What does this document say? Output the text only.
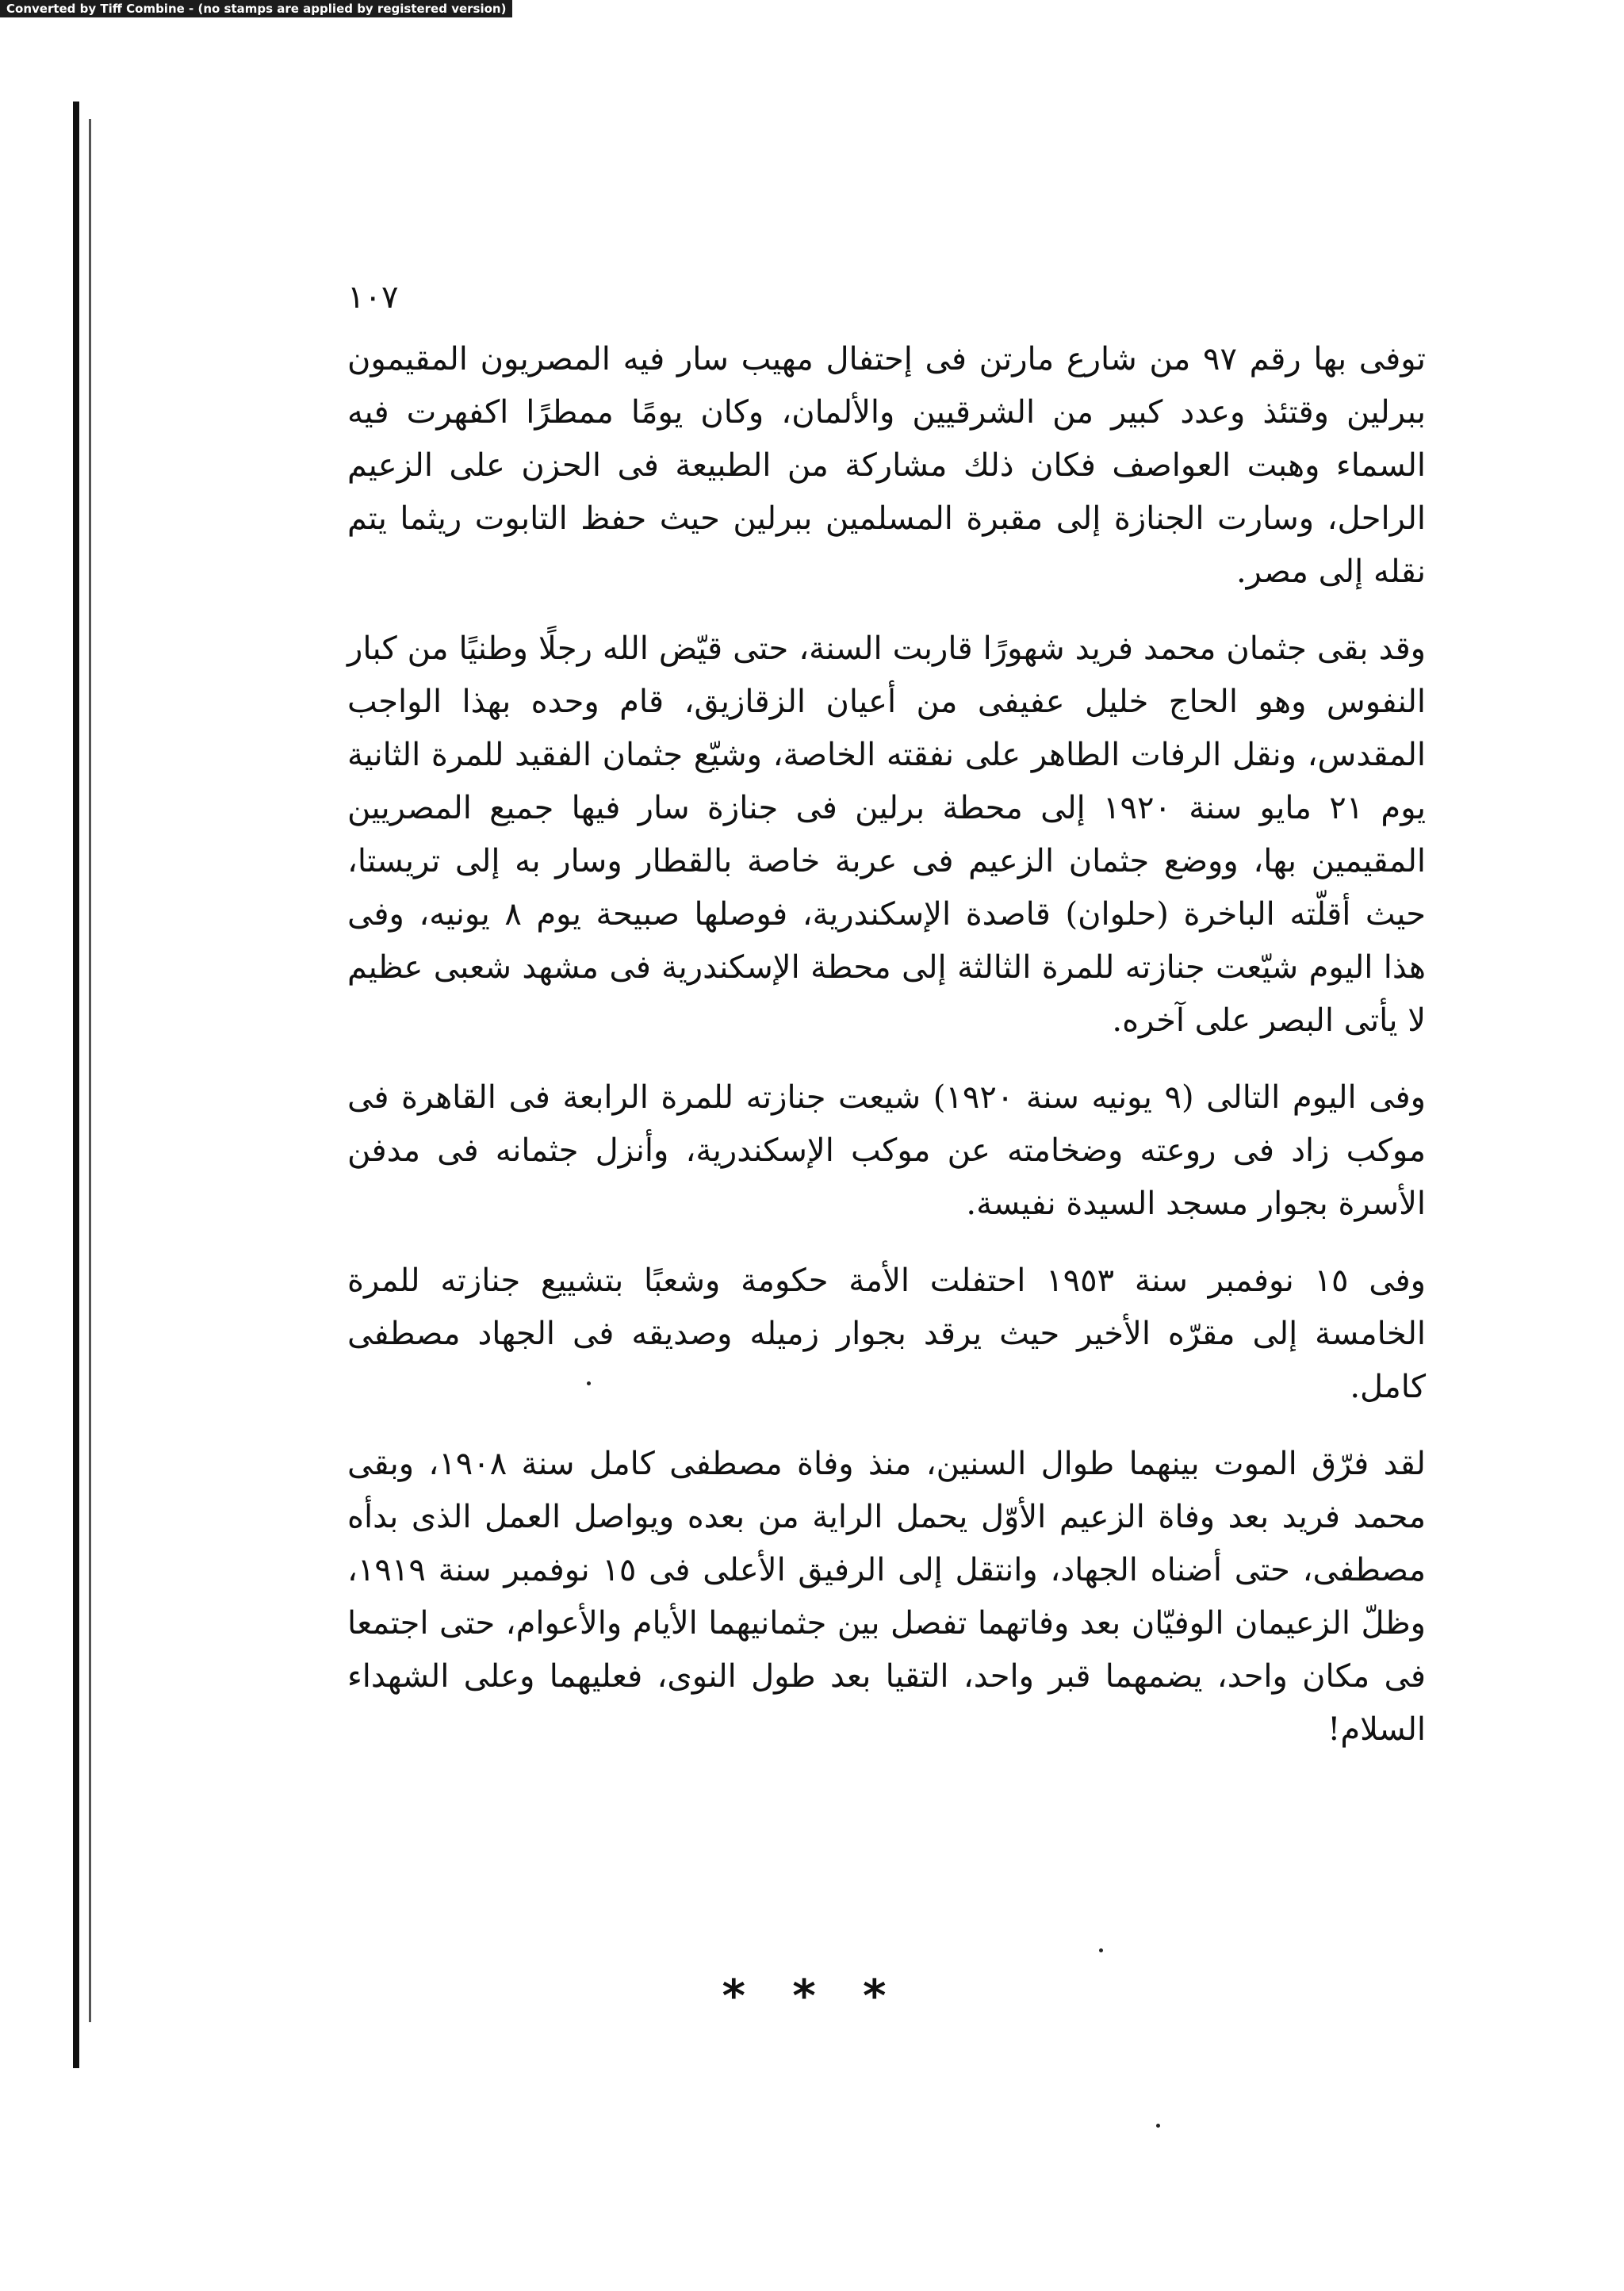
Converted by Tiff Combine - (no stamps are applied by registered version)
١٠٧

توفى بها رقم ٩٧ من شارع مارتن فى إحتفال مهيب سار فيه المصريون المقيمون ببرلين وقتئذ وعدد كبير من الشرقيين والألمان، وكان يومًا ممطرًا اكفهرت فيه السماء وهبت العواصف فكان ذلك مشاركة من الطبيعة فى الحزن على الزعيم الراحل، وسارت الجنازة إلى مقبرة المسلمين ببرلين حيث حفظ التابوت ريثما يتم نقله إلى مصر.

وقد بقى جثمان محمد فريد شهورًا قاربت السنة، حتى قيّض الله رجلًا وطنيًا من كبار النفوس وهو الحاج خليل عفيفى من أعيان الزقازيق، قام وحده بهذا الواجب المقدس، ونقل الرفات الطاهر على نفقته الخاصة، وشيّع جثمان الفقيد للمرة الثانية يوم ٢١ مايو سنة ١٩٢٠ إلى محطة برلين فى جنازة سار فيها جميع المصريين المقيمين بها، ووضع جثمان الزعيم فى عربة خاصة بالقطار وسار به إلى تريستا، حيث أقلّته الباخرة (حلوان) قاصدة الإسكندرية، فوصلها صبيحة يوم ٨ يونيه، وفى هذا اليوم شيّعت جنازته للمرة الثالثة إلى محطة الإسكندرية فى مشهد شعبى عظيم لا يأتى البصر على آخره.

وفى اليوم التالى (٩ يونيه سنة ١٩٢٠) شيعت جنازته للمرة الرابعة فى القاهرة فى موكب زاد فى روعته وضخامته عن موكب الإسكندرية، وأنزل جثمانه فى مدفن الأسرة بجوار مسجد السيدة نفيسة.

وفى ١٥ نوفمبر سنة ١٩٥٣ احتفلت الأمة حكومة وشعبًا بتشييع جنازته للمرة الخامسة إلى مقرّه الأخير حيث يرقد بجوار زميله وصديقه فى الجهاد مصطفى كامل.

لقد فرّق الموت بينهما طوال السنين، منذ وفاة مصطفى كامل سنة ١٩٠٨، وبقى محمد فريد بعد وفاة الزعيم الأوّل يحمل الراية من بعده ويواصل العمل الذى بدأه مصطفى، حتى أضناه الجهاد، وانتقل إلى الرفيق الأعلى فى ١٥ نوفمبر سنة ١٩١٩، وظلّ الزعيمان الوفيّان بعد وفاتهما تفصل بين جثمانيهما الأيام والأعوام، حتى اجتمعا فى مكان واحد، يضمهما قبر واحد، التقيا بعد طول النوى، فعليهما وعلى الشهداء السلام!

* * *
